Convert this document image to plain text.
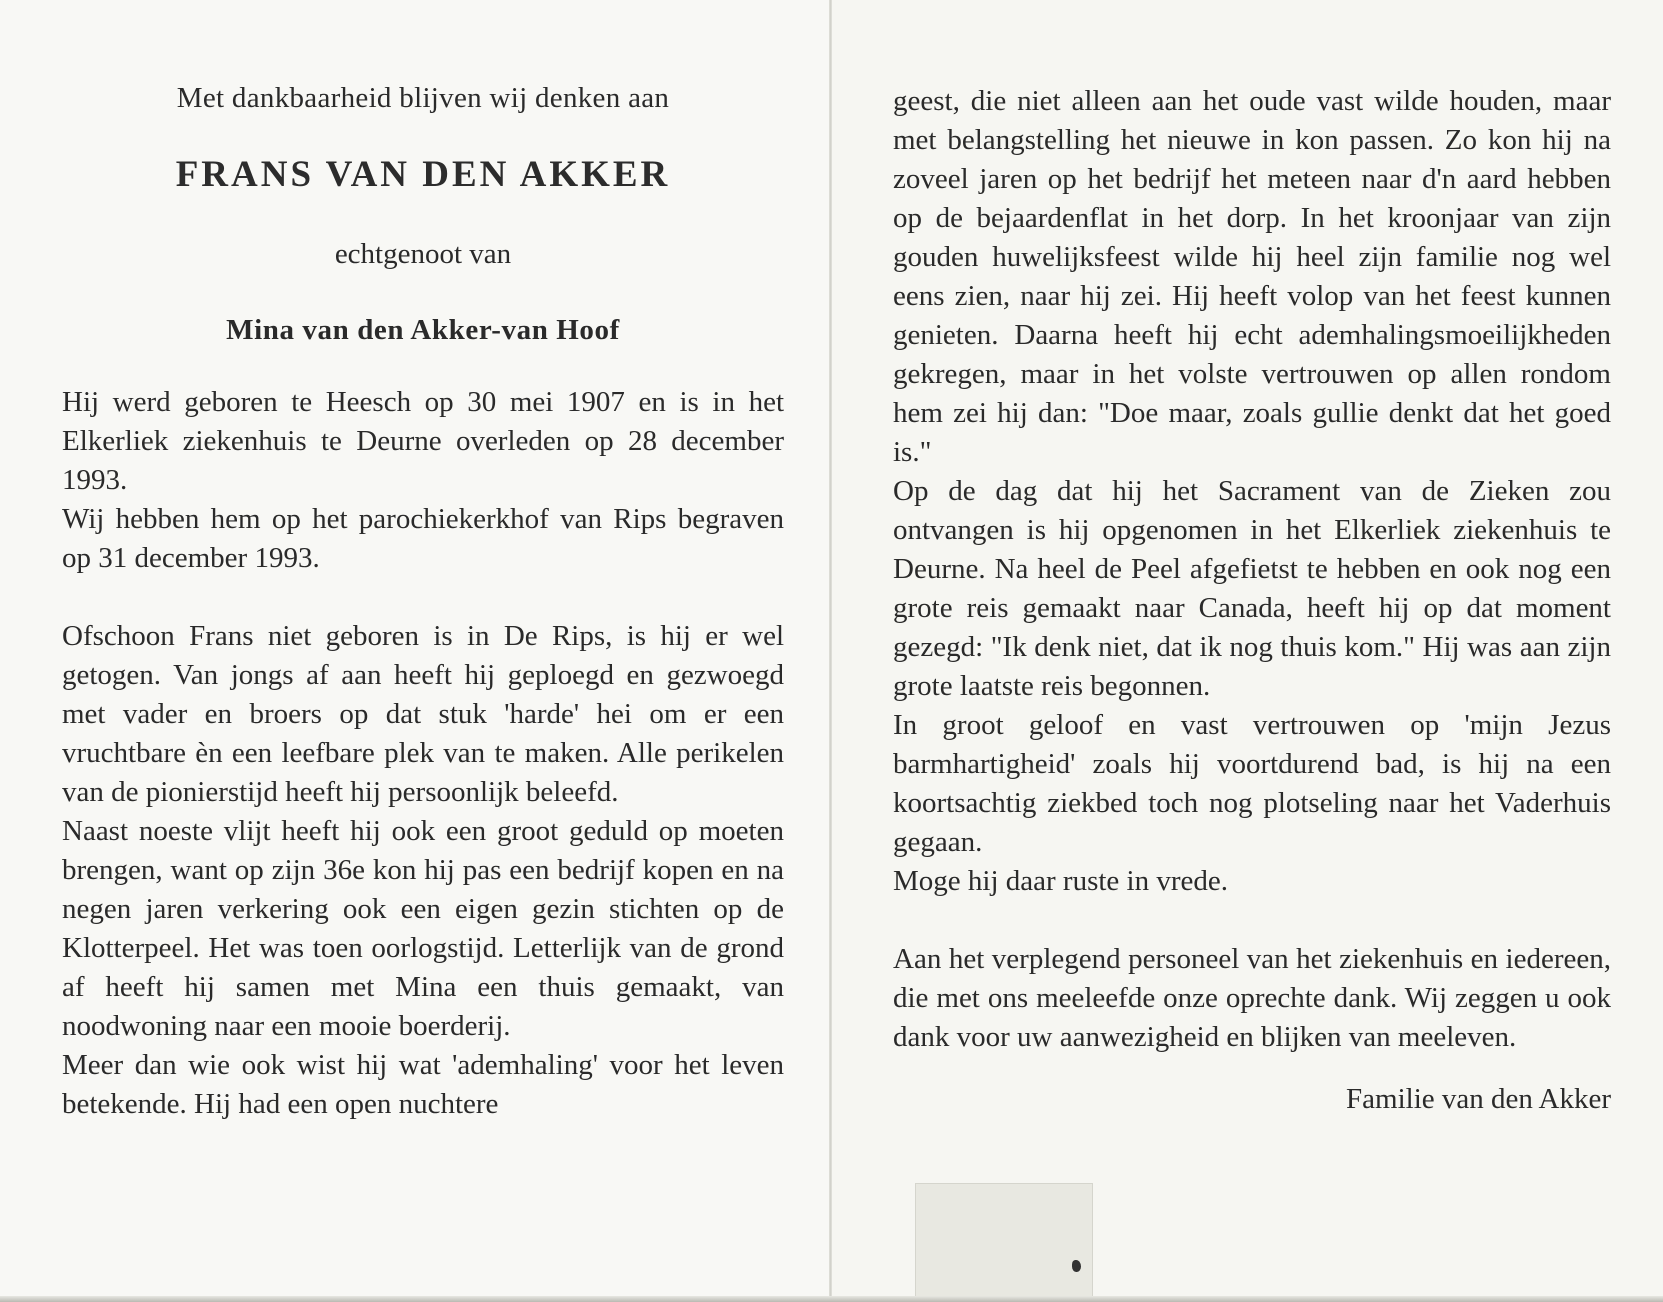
Met dankbaarheid blijven wij denken aan

FRANS VAN DEN AKKER

echtgenoot van

Mina van den Akker-van Hoof

Hij werd geboren te Heesch op 30 mei 1907 en is in het Elkerliek ziekenhuis te Deurne overleden op 28 december 1993.

Wij hebben hem op het parochiekerkhof van Rips begraven op 31 december 1993.

Ofschoon Frans niet geboren is in De Rips, is hij er wel getogen. Van jongs af aan heeft hij geploegd en gezwoegd met vader en broers op dat stuk 'harde' hei om er een vruchtbare èn een leefbare plek van te maken. Alle perikelen van de pionierstijd heeft hij persoonlijk beleefd.

Naast noeste vlijt heeft hij ook een groot geduld op moeten brengen, want op zijn 36e kon hij pas een bedrijf kopen en na negen jaren verkering ook een eigen gezin stichten op de Klotterpeel. Het was toen oorlogstijd. Letterlijk van de grond af heeft hij samen met Mina een thuis gemaakt, van noodwoning naar een mooie boerderij.

Meer dan wie ook wist hij wat 'ademhaling' voor het leven betekende. Hij had een open nuchtere

geest, die niet alleen aan het oude vast wilde houden, maar met belangstelling het nieuwe in kon passen. Zo kon hij na zoveel jaren op het bedrijf het meteen naar d'n aard hebben op de bejaardenflat in het dorp. In het kroonjaar van zijn gouden huwelijksfeest wilde hij heel zijn familie nog wel eens zien, naar hij zei. Hij heeft volop van het feest kunnen genieten. Daarna heeft hij echt ademhalingsmoeilijkheden gekregen, maar in het volste vertrouwen op allen rondom hem zei hij dan: "Doe maar, zoals gullie denkt dat het goed is."

Op de dag dat hij het Sacrament van de Zieken zou ontvangen is hij opgenomen in het Elkerliek ziekenhuis te Deurne. Na heel de Peel afgefietst te hebben en ook nog een grote reis gemaakt naar Canada, heeft hij op dat moment gezegd: "Ik denk niet, dat ik nog thuis kom." Hij was aan zijn grote laatste reis begonnen.

In groot geloof en vast vertrouwen op 'mijn Jezus barmhartigheid' zoals hij voortdurend bad, is hij na een koortsachtig ziekbed toch nog plotseling naar het Vaderhuis gegaan.

Moge hij daar ruste in vrede.

Aan het verplegend personeel van het ziekenhuis en iedereen, die met ons meeleefde onze oprechte dank. Wij zeggen u ook dank voor uw aanwezigheid en blijken van meeleven.

Familie van den Akker
